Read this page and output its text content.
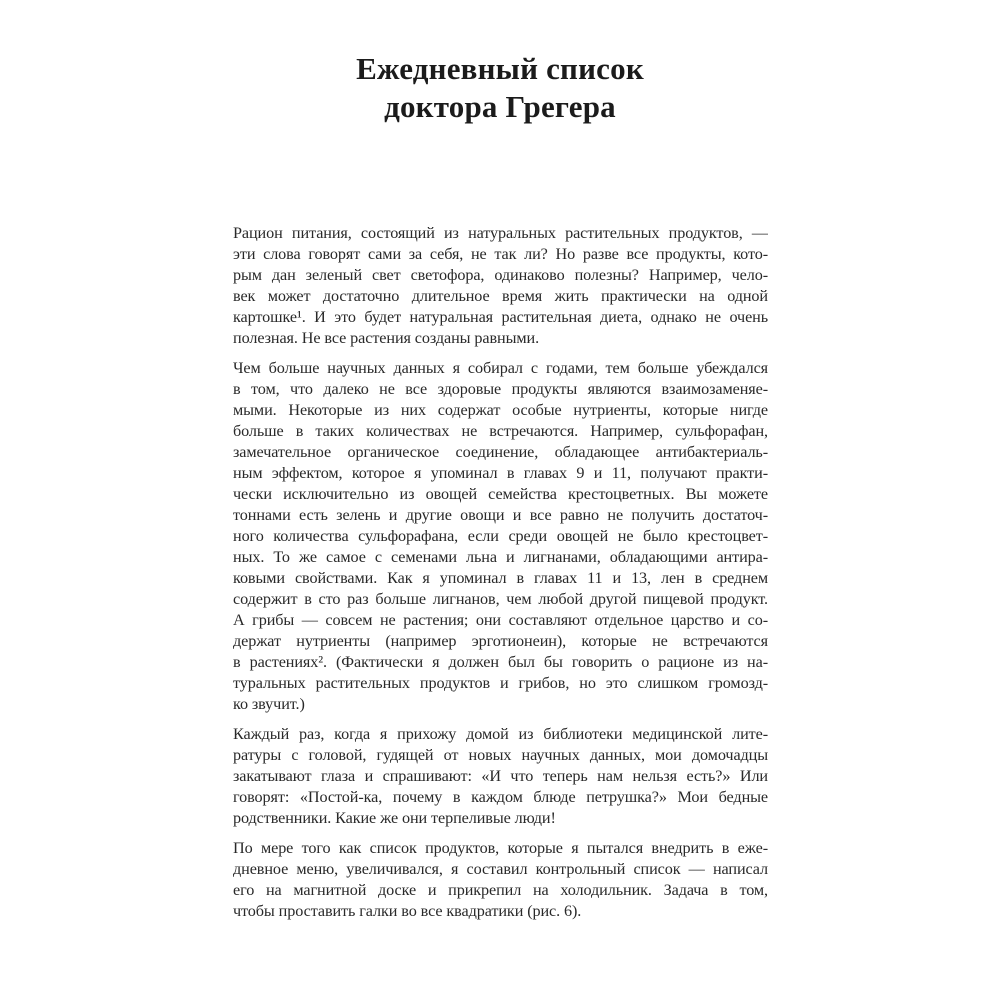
Ежедневный список
доктора Грегера
Рацион питания, состоящий из натуральных растительных продуктов, —
эти слова говорят сами за себя, не так ли? Но разве все продукты, кото-
рым дан зеленый свет светофора, одинаково полезны? Например, чело-
век может достаточно длительное время жить практически на одной
картошке¹. И это будет натуральная растительная диета, однако не очень
полезная. Не все растения созданы равными.
Чем больше научных данных я собирал с годами, тем больше убеждался
в том, что далеко не все здоровые продукты являются взаимозаменяе-
мыми. Некоторые из них содержат особые нутриенты, которые нигде
больше в таких количествах не встречаются. Например, сульфорафан,
замечательное органическое соединение, обладающее антибактериаль-
ным эффектом, которое я упоминал в главах 9 и 11, получают практи-
чески исключительно из овощей семейства крестоцветных. Вы можете
тоннами есть зелень и другие овощи и все равно не получить достаточ-
ного количества сульфорафана, если среди овощей не было крестоцвет-
ных. То же самое с семенами льна и лигнанами, обладающими антира-
ковыми свойствами. Как я упоминал в главах 11 и 13, лен в среднем
содержит в сто раз больше лигнанов, чем любой другой пищевой продукт.
А грибы — совсем не растения; они составляют отдельное царство и со-
держат нутриенты (например эрготионеин), которые не встречаются
в растениях². (Фактически я должен был бы говорить о рационе из на-
туральных растительных продуктов и грибов, но это слишком громозд-
ко звучит.)
Каждый раз, когда я прихожу домой из библиотеки медицинской лите-
ратуры с головой, гудящей от новых научных данных, мои домочадцы
закатывают глаза и спрашивают: «И что теперь нам нельзя есть?» Или
говорят: «Постой-ка, почему в каждом блюде петрушка?» Мои бедные
родственники. Какие же они терпеливые люди!
По мере того как список продуктов, которые я пытался внедрить в еже-
дневное меню, увеличивался, я составил контрольный список — написал
его на магнитной доске и прикрепил на холодильник. Задача в том,
чтобы проставить галки во все квадратики (рис. 6).
